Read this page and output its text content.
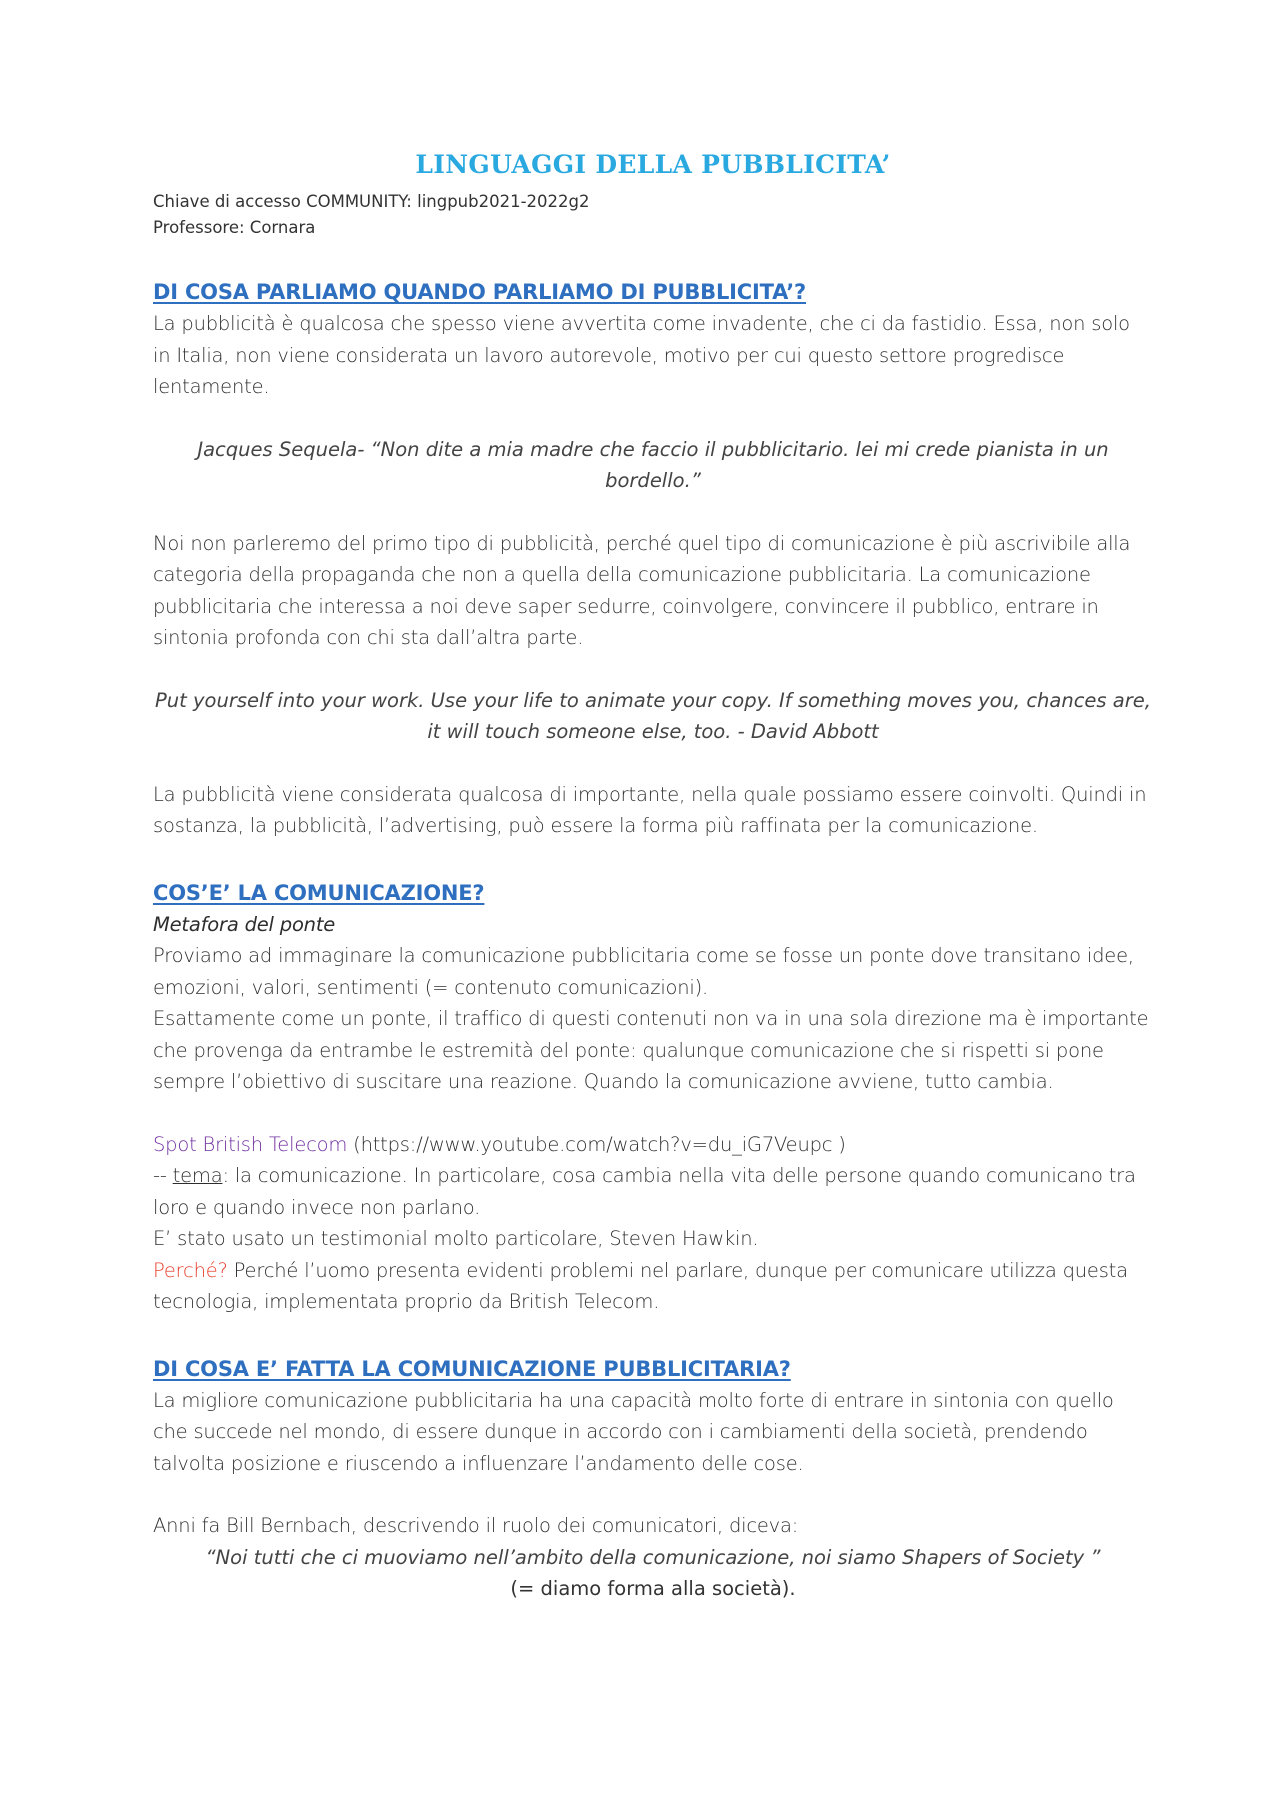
LINGUAGGI DELLA PUBBLICITA’

Chiave di accesso COMMUNITY: lingpub2021-2022g2

Professore: Cornara

DI COSA PARLIAMO QUANDO PARLIAMO DI PUBBLICITA’?

La pubblicità è qualcosa che spesso viene avvertita come invadente, che ci da fastidio. Essa, non solo in Italia, non viene considerata un lavoro autorevole, motivo per cui questo settore progredisce lentamente.

Jacques Sequela- “Non dite a mia madre che faccio il pubblicitario. lei mi crede pianista in un bordello.”

Noi non parleremo del primo tipo di pubblicità, perché quel tipo di comunicazione è più ascrivibile alla categoria della propaganda che non a quella della comunicazione pubblicitaria. La comunicazione pubblicitaria che interessa a noi deve saper sedurre, coinvolgere, convincere il pubblico, entrare in sintonia profonda con chi sta dall’altra parte.

Put yourself into your work. Use your life to animate your copy. If something moves you, chances are, it will touch someone else, too. - David Abbott

La pubblicità viene considerata qualcosa di importante, nella quale possiamo essere coinvolti. Quindi in sostanza, la pubblicità, l’advertising, può essere la forma più raffinata per la comunicazione.

COS’E’ LA COMUNICAZIONE?

Metafora del ponte

Proviamo ad immaginare la comunicazione pubblicitaria come se fosse un ponte dove transitano idee, emozioni, valori, sentimenti (= contenuto comunicazioni).

Esattamente come un ponte, il traffico di questi contenuti non va in una sola direzione ma è importante che provenga da entrambe le estremità del ponte: qualunque comunicazione che si rispetti si pone sempre l’obiettivo di suscitare una reazione. Quando la comunicazione avviene, tutto cambia.

Spot British Telecom (https://www.youtube.com/watch?v=du_iG7Veupc )

-- tema: la comunicazione. In particolare, cosa cambia nella vita delle persone quando comunicano tra loro e quando invece non parlano.

E’ stato usato un testimonial molto particolare, Steven Hawkin.

Perché? Perché l’uomo presenta evidenti problemi nel parlare, dunque per comunicare utilizza questa tecnologia, implementata proprio da British Telecom.

DI COSA E’ FATTA LA COMUNICAZIONE PUBBLICITARIA?

La migliore comunicazione pubblicitaria ha una capacità molto forte di entrare in sintonia con quello che succede nel mondo, di essere dunque in accordo con i cambiamenti della società, prendendo talvolta posizione e riuscendo a influenzare l’andamento delle cose.

Anni fa Bill Bernbach, descrivendo il ruolo dei comunicatori, diceva:

“Noi tutti che ci muoviamo nell’ambito della comunicazione, noi siamo Shapers of Society ”

(= diamo forma alla società).
